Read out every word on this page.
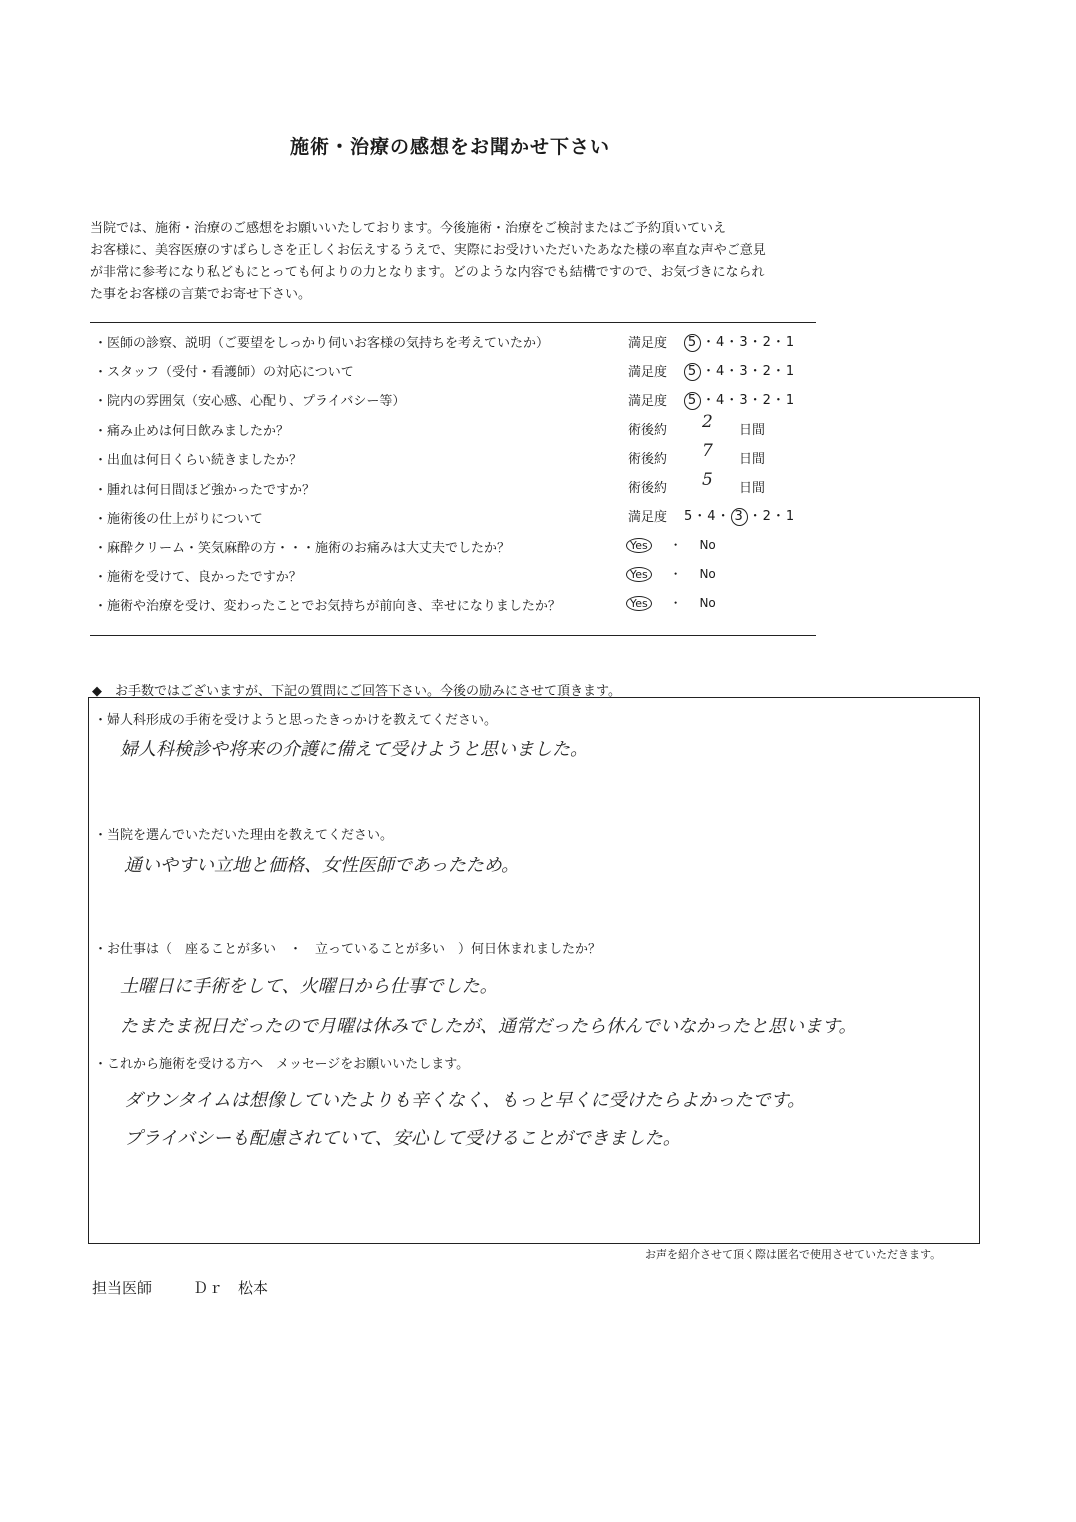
施術・治療の感想をお聞かせ下さい
当院では、施術・治療のご感想をお願いいたしております。今後施術・治療をご検討またはご予約頂いていえ
お客様に、美容医療のすばらしさを正しくお伝えするうえで、実際にお受けいただいたあなた様の率直な声やご意見
が非常に参考になり私どもにとっても何よりの力となります。どのような内容でも結構ですので、お気づきになられ
た事をお客様の言葉でお寄せ下さい。
・医師の診察、説明（ご要望をしっかり伺いお客様の気持ちを考えていたか）	満足度 5 ・4・3・2・1
・スタッフ（受付・看護師）の対応について	満足度 5 ・4・3・2・1
・院内の雰囲気（安心感、心配り、プライバシー等）	満足度 5 ・4・3・2・1
・痛み止めは何日飲みましたか？	術後約 2 日間
・出血は何日くらい続きましたか？	術後約 7 日間
・腫れは何日間ほど強かったですか？	術後約 5 日間
・施術後の仕上がりについて	満足度 5・4・ 3 ・2・1
・麻酔クリーム・笑気麻酔の方・・・施術のお痛みは大丈夫でしたか？	Yes ・ No
・施術を受けて、良かったですか？	Yes ・ No
・施術や治療を受け、変わったことでお気持ちが前向き、幸せになりましたか？	Yes ・ No
◆　お手数ではございますが、下記の質問にご回答下さい。今後の励みにさせて頂きます。
・婦人科形成の手術を受けようと思ったきっかけを教えてください。
婦人科検診や将来の介護に備えて受けようと思いました。
・当院を選んでいただいた理由を教えてください。
通いやすい立地と価格、女性医師であったため。
・お仕事は（　座ることが多い　・　立っていることが多い　）何日休まれましたか？
土曜日に手術をして、火曜日から仕事でした。
たまたま祝日だったので月曜は休みでしたが、通常だったら休んでいなかったと思います。
・これから施術を受ける方へ　メッセージをお願いいたします。
ダウンタイムは想像していたよりも辛くなく、もっと早くに受けたらよかったです。
プライバシーも配慮されていて、安心して受けることができました。
お声を紹介させて頂く際は匿名で使用させていただきます。
担当医師	Ｄｒ　松本
